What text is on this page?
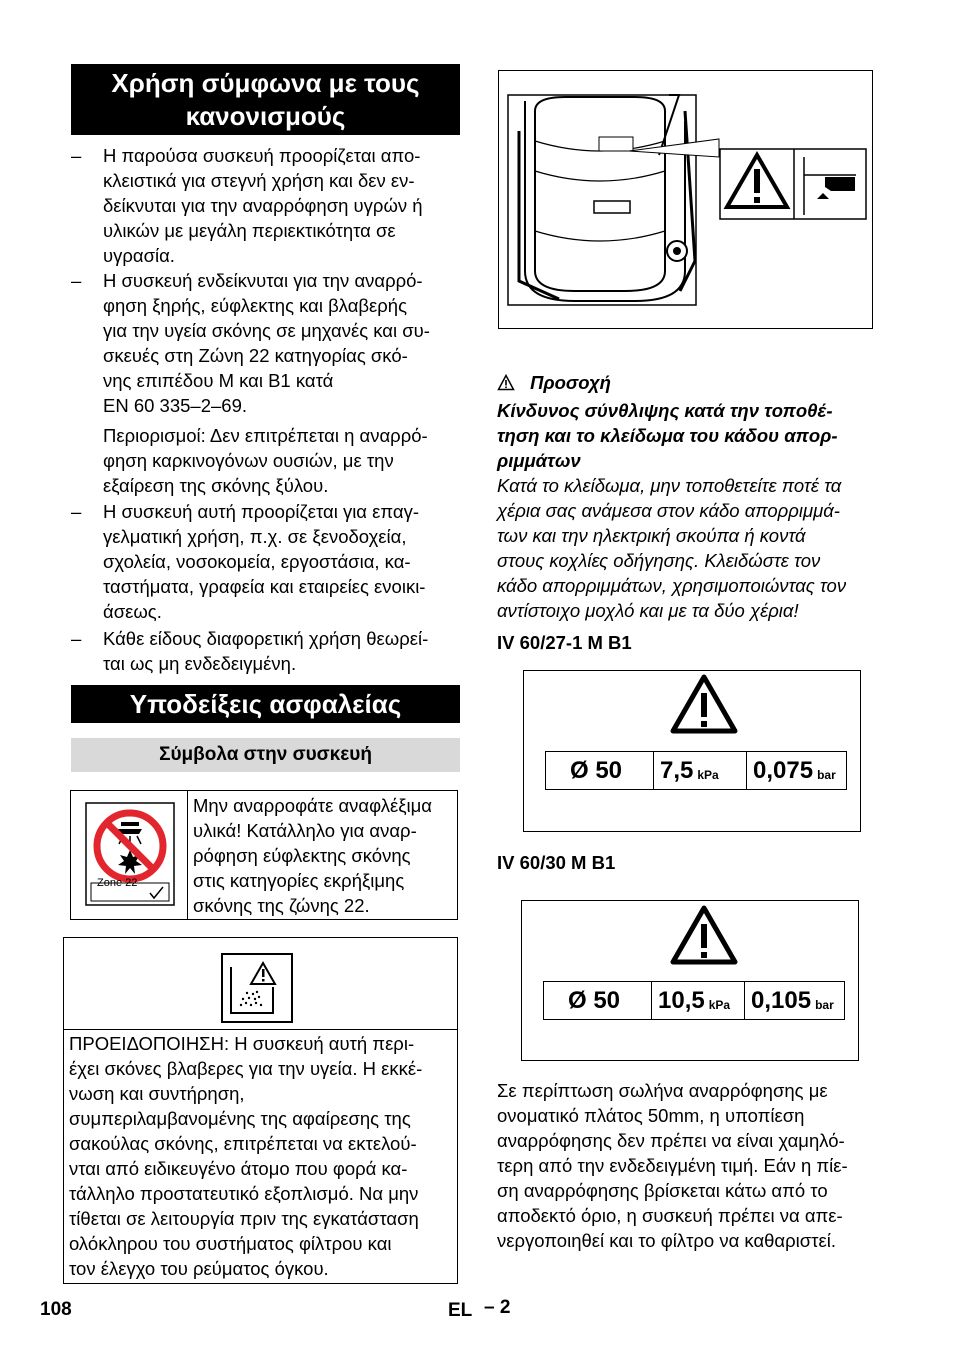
Χρήση σύμφωνα με τους
κανονισμούς
–	Η παρούσα συσκευή προορίζεται απο-
κλειστικά για στεγνή χρήση και δεν εν-
δείκνυται για την αναρρόφηση υγρών ή
υλικών με μεγάλη περιεκτικότητα σε
υγρασία.
–	Η συσκευή ενδείκνυται για την αναρρό-
φηση ξηρής, εύφλεκτης και βλαβερής
για την υγεία σκόνης σε μηχανές και συ-
σκευές στη Ζώνη 22 κατηγορίας σκό-
νης επιπέδου M και B1 κατά
EN 60 335–2–69.
Περιορισμοί: Δεν επιτρέπεται η αναρρό-
φηση καρκινογόνων ουσιών, με την
εξαίρεση της σκόνης ξύλου.
–	Η συσκευή αυτή προορίζεται για επαγ-
γελματική χρήση, π.χ. σε ξενοδοχεία,
σχολεία, νοσοκομεία, εργοστάσια, κα-
ταστήματα, γραφεία και εταιρείες ενοικι-
άσεως.
–	Κάθε είδους διαφορετική χρήση θεωρεί-
ται ως μη ενδεδειγμένη.
Υποδείξεις ασφαλείας
Σύμβολα στην συσκευή
Zone 22
Μην αναρροφάτε αναφλέξιμα
υλικά! Κατάλληλο για αναρ-
ρόφηση εύφλεκτης σκόνης
στις κατηγορίες εκρήξιμης
σκόνης της ζώνης 22.
ΠΡΟΕΙΔΟΠΟΙΗΣΗ: Η συσκευή αυτή περι-
έχει σκόνες βλαβερες για την υγεία. Η εκκέ-
νωση και συντήρηση,
συμπεριλαμβανομένης της αφαίρεσης της
σακούλας σκόνης, επιτρέπεται να εκτελού-
νται από ειδικευγένο άτομο που φορά κα-
τάλληλο προστατευτικό εξοπλισμό. Να μην
τίθεται σε λειτουργία πριν της εγκατάσταση
ολόκληρου του συστήματος φίλτρου και
τον έλεγχο του ρεύματος όγκου.
Προσοχή
Κίνδυνος σύνθλιψης κατά την τοποθέ-
τηση και το κλείδωμα του κάδου απορ-
ριμμάτων
Κατά το κλείδωμα, μην τοποθετείτε ποτέ τα
χέρια σας ανάμεσα στον κάδο απορριμμά-
των και την ηλεκτρική σκούπα ή κοντά
στους κοχλίες οδήγησης. Κλειδώστε τον
κάδο απορριμμάτων, χρησιμοποιώντας τον
αντίστοιχο μοχλό και με τα δύο χέρια!
IV 60/27-1 M B1
Ø 50 7,5 kPa 0,075 bar
IV 60/30 M B1
Ø 50 10,5 kPa 0,105 bar
Σε περίπτωση σωλήνα αναρρόφησης με
ονοματικό πλάτος 50mm, η υποπίεση
αναρρόφησης δεν πρέπει να είναι χαμηλό-
τερη από την ενδεδειγμένη τιμή. Εάν η πίε-
ση αναρρόφησης βρίσκεται κάτω από το
αποδεκτό όριο, η συσκευή πρέπει να απε-
νεργοποιηθεί και το φίλτρο να καθαριστεί.
108	EL – 2
